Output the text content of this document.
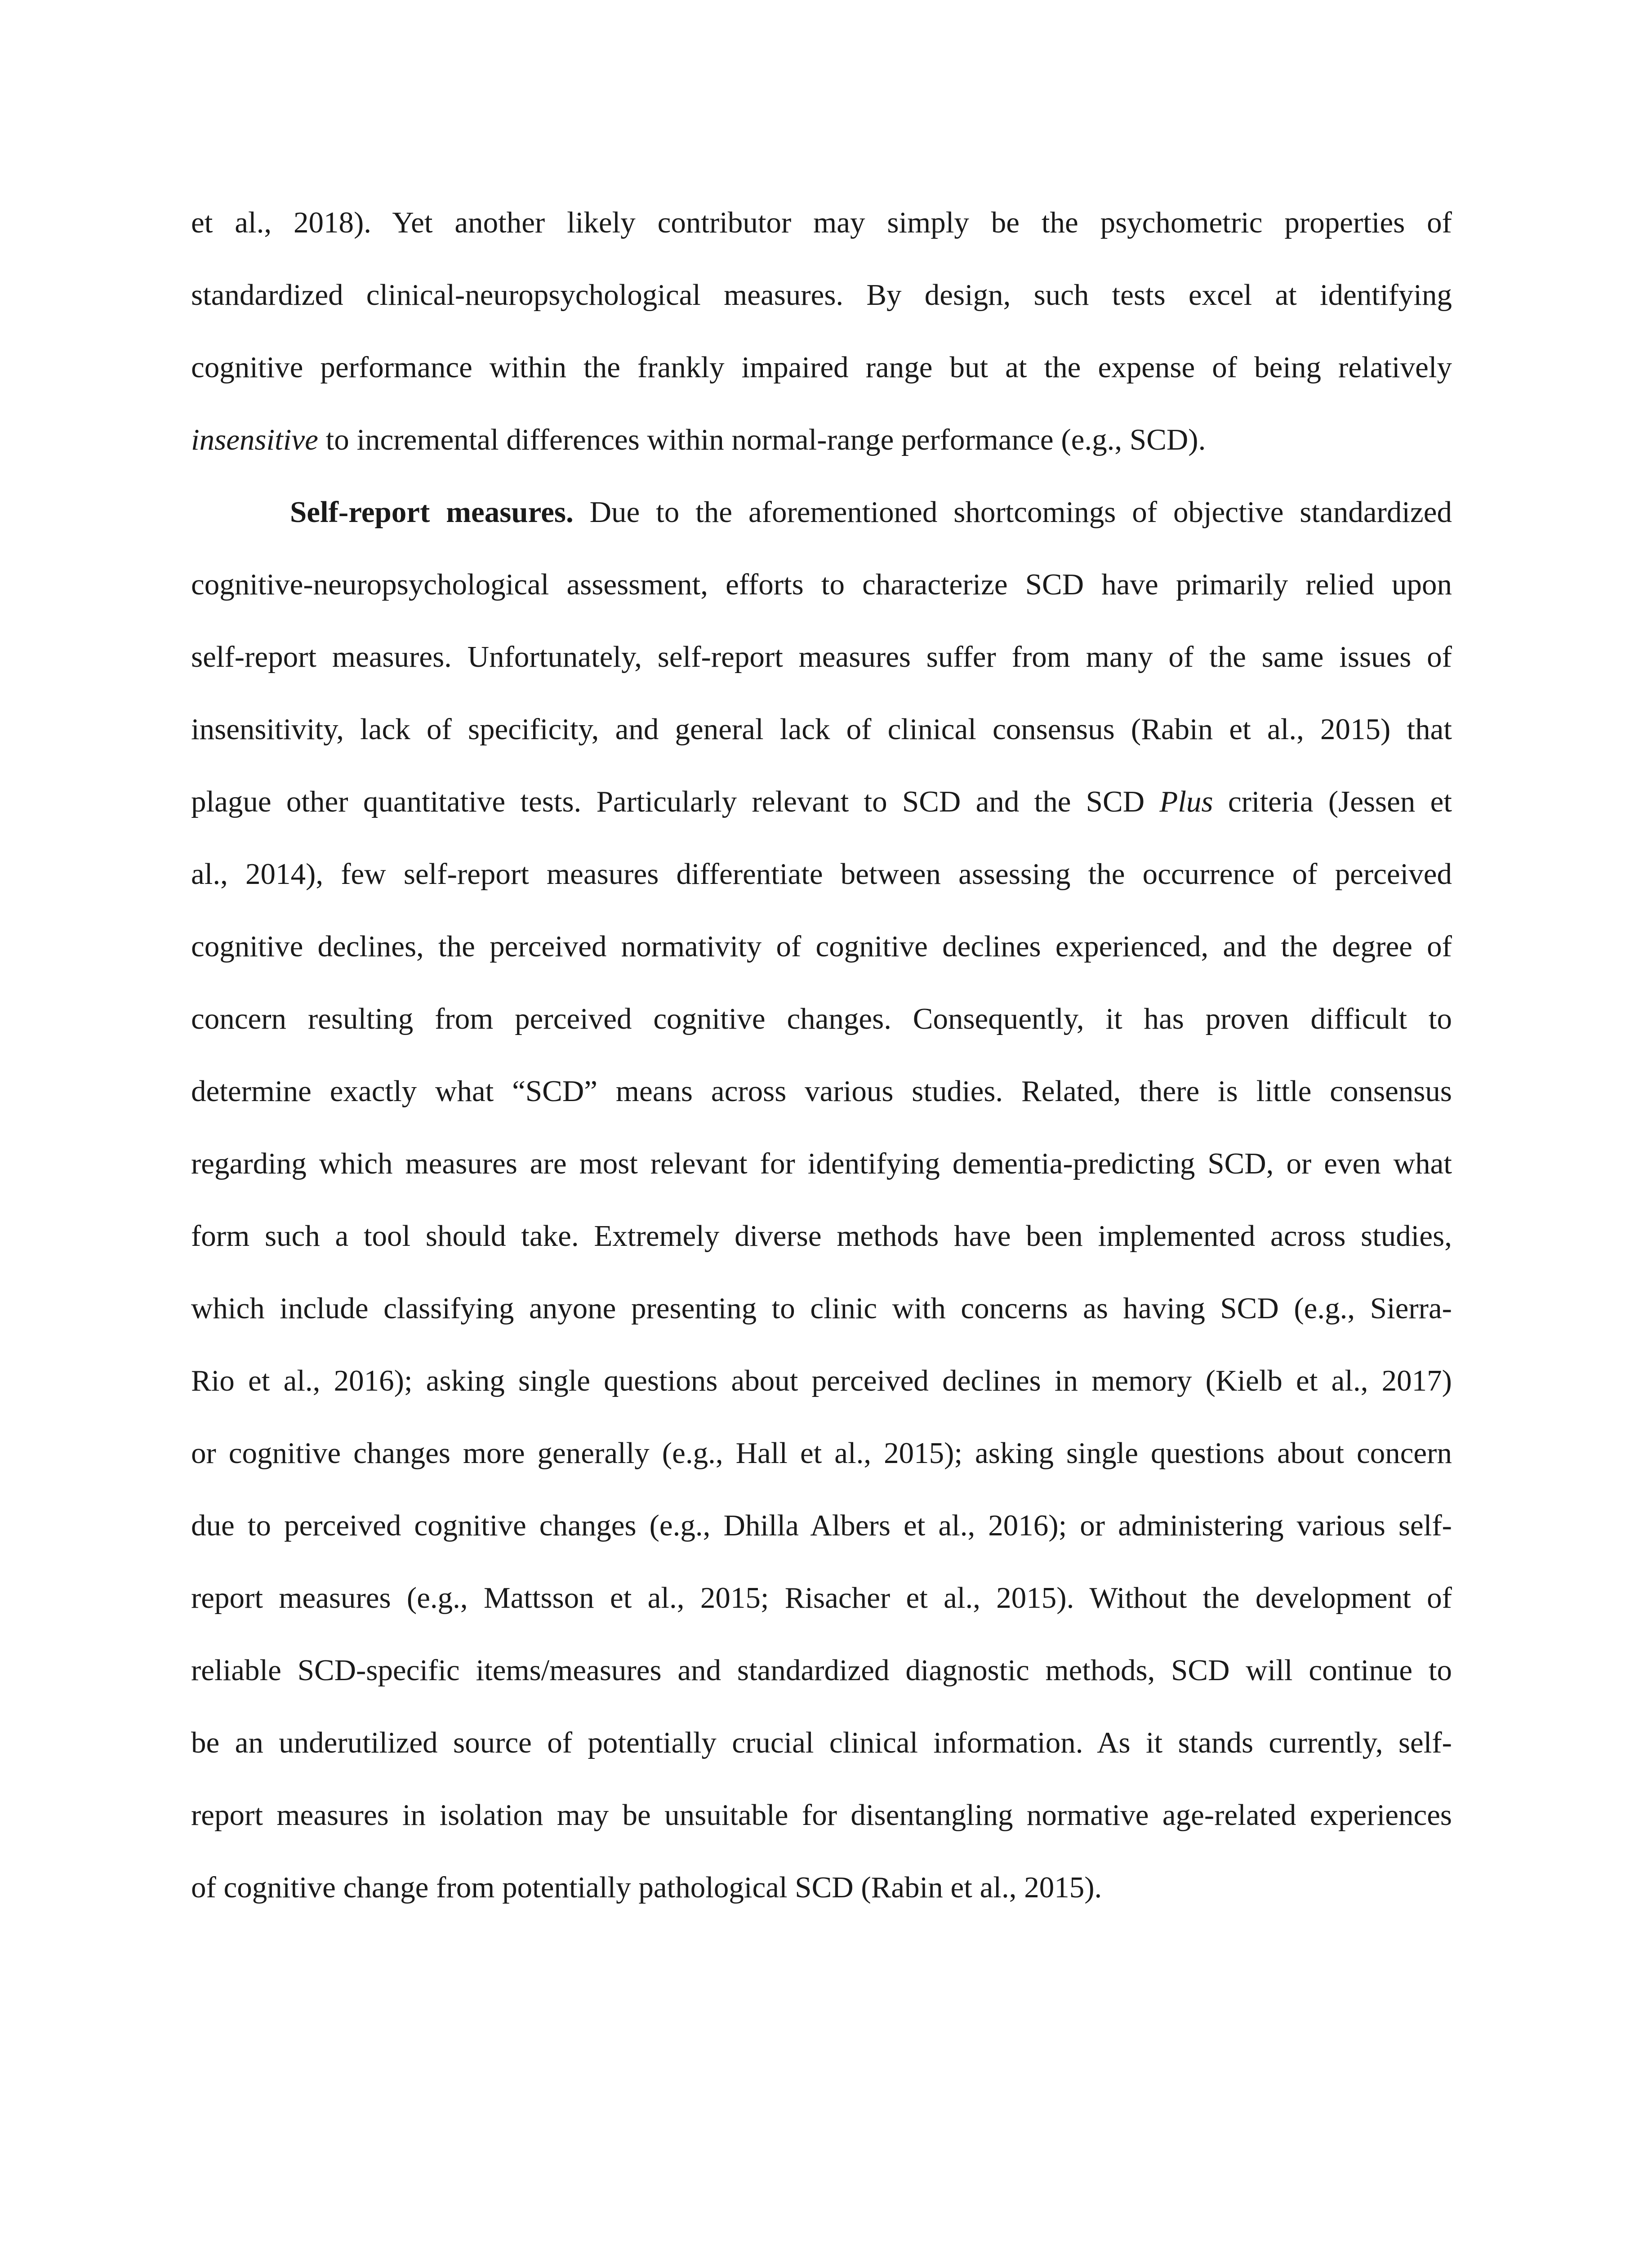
et al., 2018). Yet another likely contributor may simply be the psychometric properties of
standardized clinical-neuropsychological measures. By design, such tests excel at identifying
cognitive performance within the frankly impaired range but at the expense of being relatively
insensitive to incremental differences within normal-range performance (e.g., SCD).
Self-report measures. Due to the aforementioned shortcomings of objective standardized
cognitive-neuropsychological assessment, efforts to characterize SCD have primarily relied upon
self-report measures. Unfortunately, self-report measures suffer from many of the same issues of
insensitivity, lack of specificity, and general lack of clinical consensus (Rabin et al., 2015) that
plague other quantitative tests. Particularly relevant to SCD and the SCD Plus criteria (Jessen et
al., 2014), few self-report measures differentiate between assessing the occurrence of perceived
cognitive declines, the perceived normativity of cognitive declines experienced, and the degree of
concern resulting from perceived cognitive changes. Consequently, it has proven difficult to
determine exactly what “SCD” means across various studies. Related, there is little consensus
regarding which measures are most relevant for identifying dementia-predicting SCD, or even what
form such a tool should take. Extremely diverse methods have been implemented across studies,
which include classifying anyone presenting to clinic with concerns as having SCD (e.g., Sierra-
Rio et al., 2016); asking single questions about perceived declines in memory (Kielb et al., 2017)
or cognitive changes more generally (e.g., Hall et al., 2015); asking single questions about concern
due to perceived cognitive changes (e.g., Dhilla Albers et al., 2016); or administering various self-
report measures (e.g., Mattsson et al., 2015; Risacher et al., 2015). Without the development of
reliable SCD-specific items/measures and standardized diagnostic methods, SCD will continue to
be an underutilized source of potentially crucial clinical information. As it stands currently, self-
report measures in isolation may be unsuitable for disentangling normative age-related experiences
of cognitive change from potentially pathological SCD (Rabin et al., 2015).
